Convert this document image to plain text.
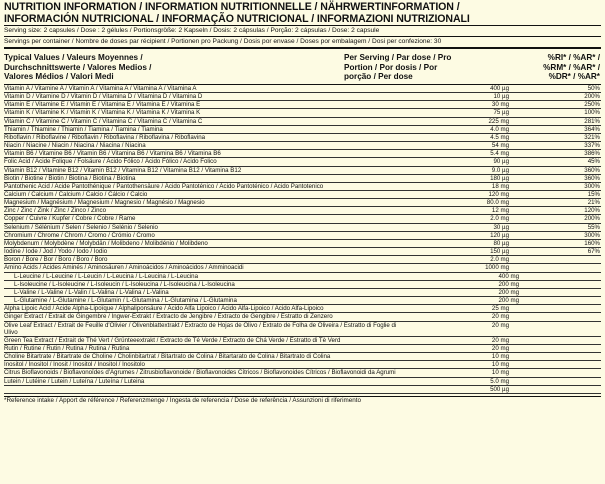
NUTRITION INFORMATION / INFORMATION NUTRITIONNELLE / NÄHRWERTINFORMATION /
INFORMACIÓN NUTRICIONAL / INFORMAÇÃO NUTRICIONAL / INFORMAZIONI NUTRIZIONALI
Serving size: 2 capsules / Dose : 2 gélules / Portionsgröße: 2 Kapseln / Dosis: 2 cápsulas / Porção: 2 cápsulas / Dose: 2 capsule
Servings per container / Nombre de doses par récipient / Portionen pro Packung / Dosis por envase / Doses por embalagem / Dosi per confezione: 30
Typical Values / Valeurs Moyennes /
Durchschnittswerte / Valores Medios /
Valores Médios / Valori Medi
Per Serving / Par dose / Pro
Portion / Por dosis / Por
porção / Per dose
%RI* / %AR* /
%RM* / %AR* /
%DR* / %AR*
Vitamin A / Vitamine A / Vitamin A / Vitamina A / Vitamina A / Vitamina A	400 µg	50%
Vitamin D / Vitamine D / Vitamin D / Vitamina D / Vitamina D / Vitamina D	10 µg	200%
Vitamin E / Vitamine E / Vitamin E / Vitamina E / Vitamina E / Vitamina E	30 mg	250%
Vitamin K / Vitamine K / Vitamin K / Vitamina K / Vitamina K / Vitamina K	75 µg	100%
Vitamin C / Vitamine C / Vitamin C / Vitamina C / Vitamina C / Vitamina C	225 mg	281%
Thiamin / Thiamine / Thiamin / Tiamina / Tiamina / Tiamina	4.0 mg	364%
Riboflavin / Riboflavine / Riboflavin / Riboflavina / Riboflavina / Riboflavina	4.5 mg	321%
Niacin / Niacine / Niacin / Niacina / Niacina / Niacina	54 mg	337%
Vitamin B6 / Vitamine B6 / Vitamin B6 / Vitamina B6 / Vitamina B6 / Vitamina B6	5.4 mg	386%
Folic Acid / Acide Folique / Folsäure / Ácido Fólico / Ácido Fólico / Acido Folico	90 µg	45%
Vitamin B12 / Vitamine B12 / Vitamin B12 / Vitamina B12 / Vitamina B12 / Vitamina B12	9.0 µg	360%
Biotin / Biotine / Biotin / Biotina / Biotina / Biotina	180 µg	360%
Pantothenic Acid / Acide Pantothénique / Pantothensäure / Ácido Pantoténico / Ácido Pantoténico / Acido Pantotenico	18 mg	300%
Calcium / Calcium / Calcium / Calcio / Cálcio / Calcio	120 mg	15%
Magnesium / Magnésium / Magnesium / Magnesio / Magnésio / Magnesio	80.0 mg	21%
Zinc / Zinc / Zink / Zinc / Zinco / Zinco	12 mg	120%
Copper / Cuivre / Kupfer / Cobre / Cobre / Rame	2.0 mg	200%
Selenium / Sélénium / Selen / Selenio / Selénio / Selenio	30 µg	55%
Chromium / Chrome / Chrom / Cromo / Crómio / Cromo	120 µg	300%
Molybdenum / Molybdène / Molybdän / Molibdeno / Molibdénio / Molibdeno	80 µg	160%
Iodine / Iode / Jod / Yodo / Iodo / Iodio	150 µg	67%
Boron / Bore / Bor / Boro / Boro / Boro	2.0 mg
Amino Acids / Acides Aminés / Aminosäuren / Aminoácidos / Aminoácidos / Amminoacidi	1000 mg
L-Leucine / L-Leucine / L-Leucin / L-Leucina / L-Leucina / L-Leucina	400 mg
L-Isoleucine / L-Isoleucine / L-Isoleucin / L-Isoleucina / L-Isoleucina / L-Isoleucina	200 mg
L-Valine / L-Valine / L-Valin / L-Valina / L-Valina / L-Valina	200 mg
L-Glutamine / L-Glutamine / L-Glutamin / L-Glutamina / L-Glutamina / L-Glutamina	200 mg
Alpha Lipoic Acid / Acide Alpha-Lipoïque / Alphaliponsäure / Ácido Alfa Lipoico / Ácido Alfa-Lipoico / Acido Alfa-Lipoico	25 mg
Ginger Extract / Extrait de Gingembre / Ingwer-Extrakt / Extracto de Jengibre / Extracto de Gengibre / Estratto di Zenzero	20 mg
Olive Leaf Extract / Extrait de Feuille d'Olivier / Olivenblattextrakt / Extracto de Hojas de Olivo / Extrato de Folha de Oliveira / Estratto di Foglie di Ulivo
20 mg
Green Tea Extract / Extrait de Thé Vert / Grünteeextrakt / Extracto de Té Verde / Extracto de Chá Verde / Estratto di Tè Verd	20 mg
Rutin / Rutine / Rutin / Rutina / Rutina / Rutina	20 mg
Choline Bitartrate / Bitartrate de Choline / Cholinbitartrat / Bitartrato de Colina / Bitartarato de Colina / Bitartrato di Colina	10 mg
Inositol / Inositol / Inosit / Inositol / Inositol / Inositolo	10 mg
Citrus Bioflavonoids / Bioflavonoïdes d'Agrumes / Zitrusbioflavonoide / Bioflavonoides Cítricos / Bioflavonoides Cítricos / Bioflavonoidi da Agrumi	10 mg
Lutein / Lutéine / Lutein / Luteína / Luteína / Luteina	5.0 mg
500 µg
*Reference intake / Apport de référence / Referenzmenge / Ingesta de referencia / Dose de referência / Assunzioni di riferimento
